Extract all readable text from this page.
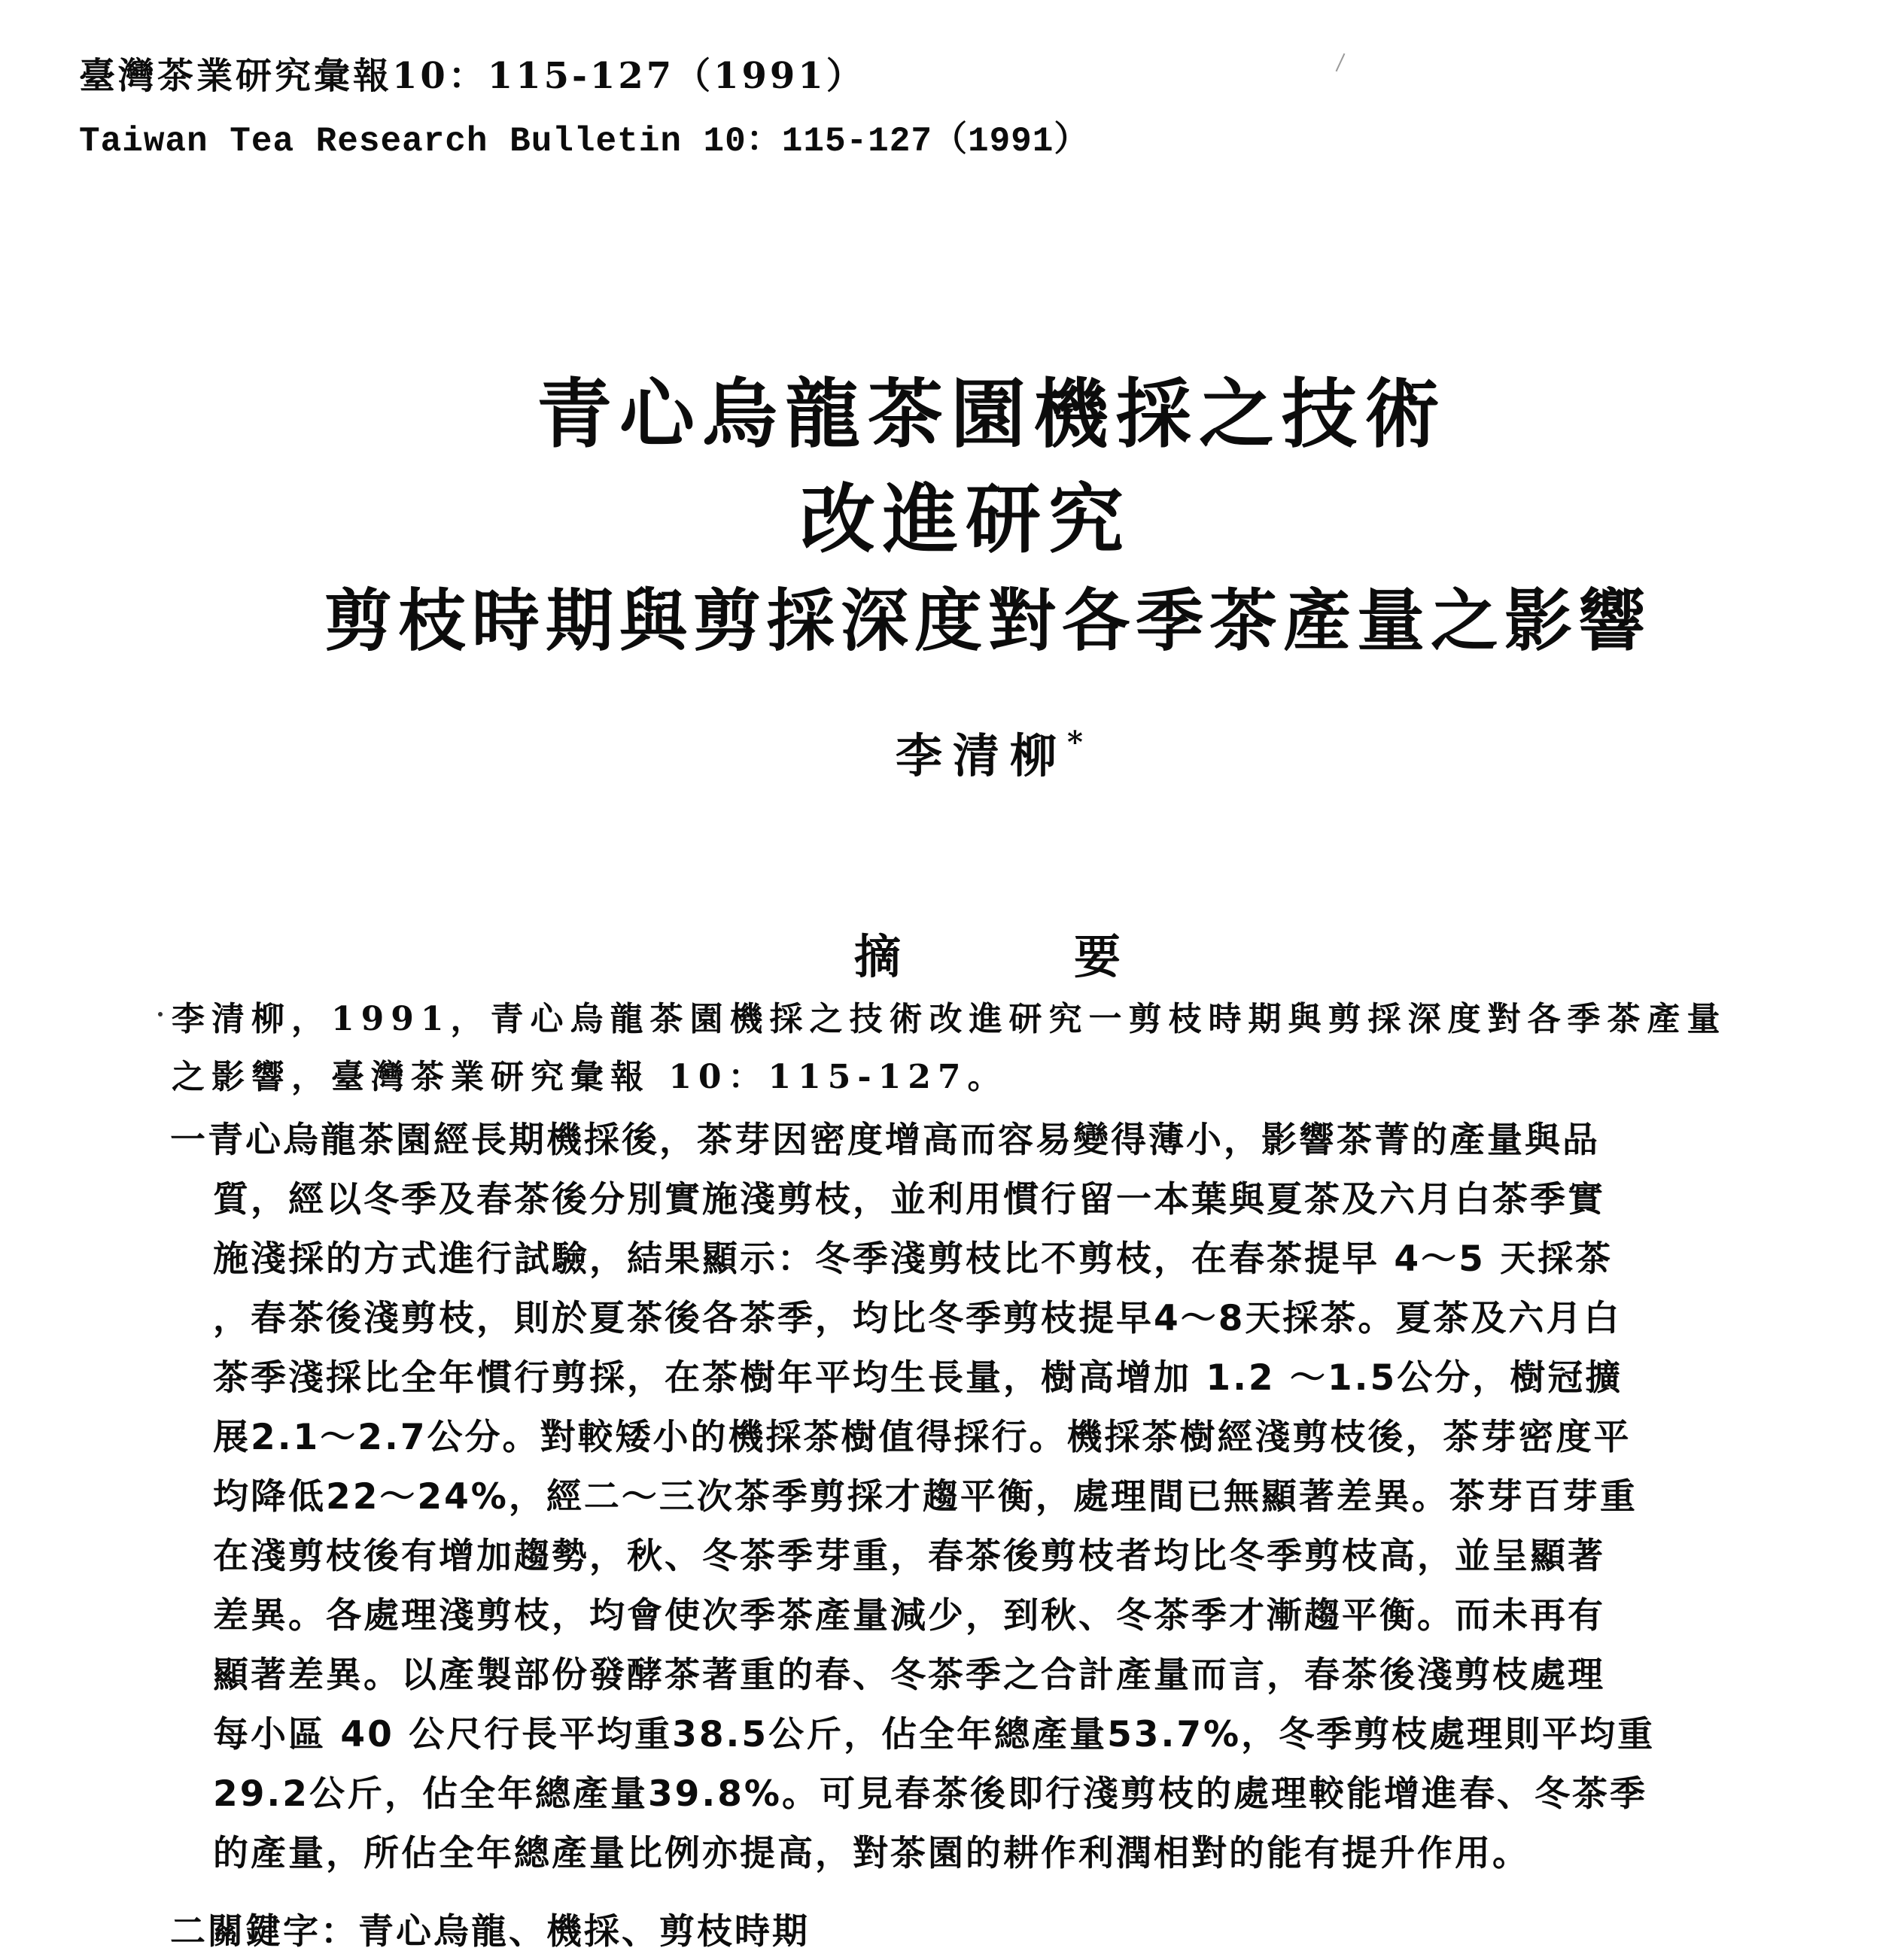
臺灣茶業研究彙報10：115-127（1991）
Taiwan Tea Research Bulletin 10：115-127（1991）
青心烏龍茶園機採之技術
改進研究
剪枝時期與剪採深度對各季茶產量之影響
李清柳*
摘	要
李清柳，1991，青心烏龍茶園機採之技術改進研究一剪枝時期與剪採深度對各季茶產量
之影響，臺灣茶業研究彙報 10：115-127。
一青心烏龍茶園經長期機採後，茶芽因密度增高而容易變得薄小，影響茶菁的產量與品
質，經以冬季及春茶後分別實施淺剪枝，並利用慣行留一本葉與夏茶及六月白茶季實
施淺採的方式進行試驗，結果顯示：冬季淺剪枝比不剪枝，在春茶提早 4～5 天採茶
，春茶後淺剪枝，則於夏茶後各茶季，均比冬季剪枝提早4～8天採茶。夏茶及六月白
茶季淺採比全年慣行剪採，在茶樹年平均生長量，樹高增加 1.2 ～1.5公分，樹冠擴
展2.1～2.7公分。對較矮小的機採茶樹值得採行。機採茶樹經淺剪枝後，茶芽密度平
均降低22～24%，經二～三次茶季剪採才趨平衡，處理間已無顯著差異。茶芽百芽重
在淺剪枝後有增加趨勢，秋、冬茶季芽重，春茶後剪枝者均比冬季剪枝高，並呈顯著
差異。各處理淺剪枝，均會使次季茶產量減少，到秋、冬茶季才漸趨平衡。而未再有
顯著差異。以產製部份發酵茶著重的春、冬茶季之合計產量而言，春茶後淺剪枝處理
每小區 40 公尺行長平均重38.5公斤，佔全年總產量53.7%，冬季剪枝處理則平均重
29.2公斤，佔全年總產量39.8%。可見春茶後即行淺剪枝的處理較能增進春、冬茶季
的產量，所佔全年總產量比例亦提高，對茶園的耕作利潤相對的能有提升作用。
二關鍵字：青心烏龍、機採、剪枝時期
